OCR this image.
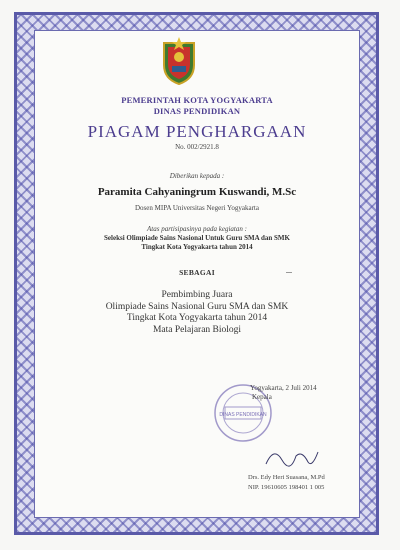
PEMERINTAH KOTA YOGYAKARTA
DINAS PENDIDIKAN
PIAGAM PENGHARGAAN
No. 002/2921.8
Diberikan kepada :
Paramita Cahyaningrum Kuswandi, M.Sc
Dosen MIPA Universitas Negeri Yogyakarta
Atas partisipasinya pada kegiatan :
Seleksi Olimpiade Sains Nasional Untuk Guru SMA dan SMK
Tingkat Kota Yogyakarta tahun 2014
SEBAGAI
Pembimbing Juara
Olimpiade Sains Nasional Guru SMA dan SMK
Tingkat Kota Yogyakarta tahun 2014
Mata Pelajaran Biologi
DINAS PENDIDIKAN
Yogyakarta, 2 Juli 2014
Kepala
Drs. Edy Heri Suasana, M.Pd
NIP. 19610605 198401 1 005
